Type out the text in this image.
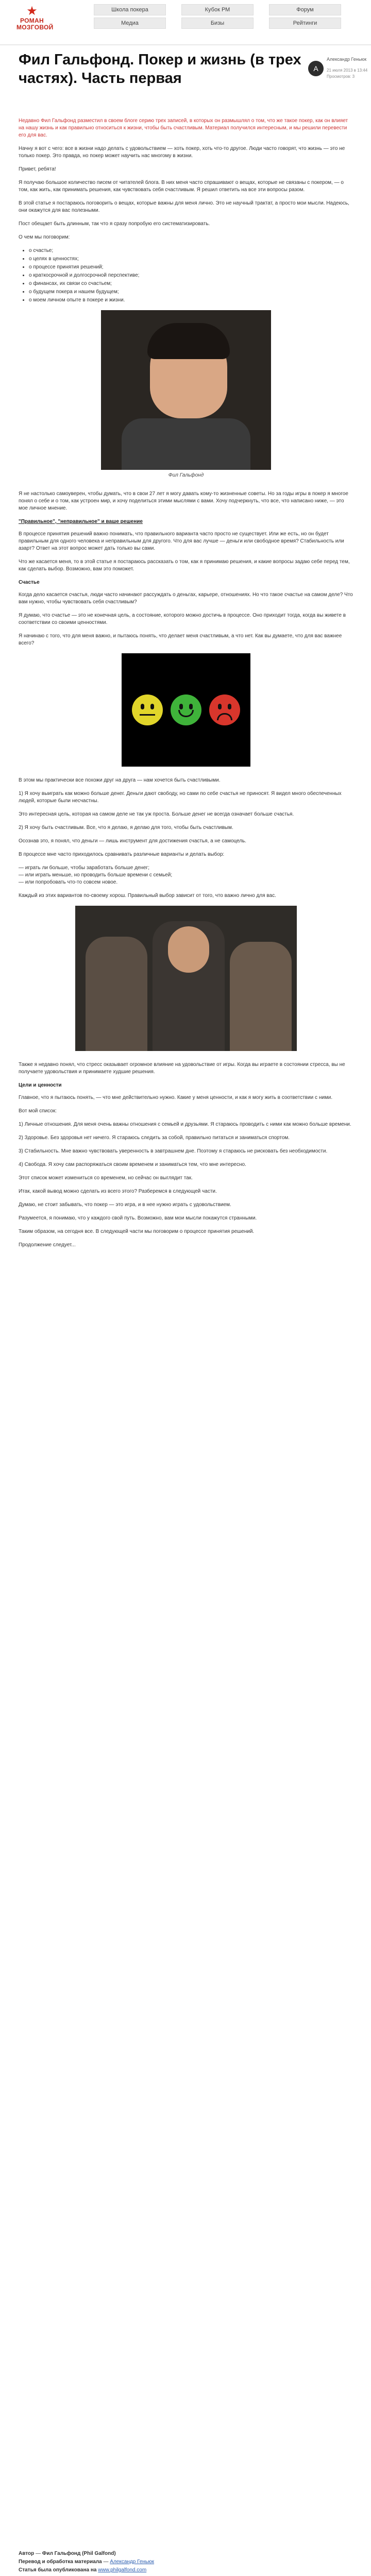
★
РОМАН
МОЗГОВОЙ
Школа покера	Кубок РМ	Форум
Медиа	Бизы	Рейтинги
Фил Гальфонд. Покер и жизнь (в трех частях). Часть первая
А
Александр Геньюк
21 июля 2013 в 13:44
Просмотров: 3

Недавно Фил Гальфонд разместил в своем блоге серию трех записей, в которых он размышлял о том, что же такое покер, как он влияет на нашу жизнь и как правильно относиться к жизни, чтобы быть счастливым. Материал получился интересным, и мы решили перевести его для вас.

Начну я вот с чего: все в жизни надо делать с удовольствием — хоть покер, хоть что-то другое. Люди часто говорят, что жизнь — это не только покер. Это правда, но покер может научить нас многому в жизни.

Привет, ребята!

Я получаю большое количество писем от читателей блога. В них меня часто спрашивают о вещах, которые не связаны с покером, — о том, как жить, как принимать решения, как чувствовать себя счастливым. Я решил ответить на все эти вопросы разом.

В этой статье я постараюсь поговорить о вещах, которые важны для меня лично. Это не научный трактат, а просто мои мысли. Надеюсь, они окажутся для вас полезными.

Пост обещает быть длинным, так что я сразу попробую его систематизировать.

О чем мы поговорим:

• о счастье;
• о целях в ценностях;
• о процессе принятия решений;
• о краткосрочной и долгосрочной перспективе;
• о финансах, их связи со счастьем;
• о будущем покера и нашем будущем;
• о моем личном опыте в покере и жизни.
Фил Гальфонд

Я не настолько самоуверен, чтобы думать, что в свои 27 лет я могу давать кому-то жизненные советы. Но за годы игры в покер я многое понял о себе и о том, как устроен мир, и хочу поделиться этими мыслями с вами. Хочу подчеркнуть, что все, что написано ниже, — это мое личное мнение.

"Правильное", "неправильное" и ваше решение

В процессе принятия решений важно понимать, что правильного варианта часто просто не существует. Или же есть, но он будет правильным для одного человека и неправильным для другого. Что для вас лучше — деньги или свободное время? Стабильность или азарт? Ответ на этот вопрос может дать только вы сами.

Что же касается меня, то в этой статье я постараюсь рассказать о том, как я принимаю решения, и какие вопросы задаю себе перед тем, как сделать выбор. Возможно, вам это поможет.

Счастье

Когда дело касается счастья, люди часто начинают рассуждать о деньгах, карьере, отношениях. Но что такое счастье на самом деле? Что вам нужно, чтобы чувствовать себя счастливым?

Я думаю, что счастье — это не конечная цель, а состояние, которого можно достичь в процессе. Оно приходит тогда, когда вы живете в соответствии со своими ценностями.

Я начинаю с того, что для меня важно, и пытаюсь понять, что делает меня счастливым, а что нет. Как вы думаете, что для вас важнее всего?

В этом мы практически все похожи друг на друга — нам хочется быть счастливыми.

1) Я хочу выиграть как можно больше денег. Деньги дают свободу, но сами по себе счастья не приносят. Я видел много обеспеченных людей, которые были несчастны.

Это интересная цель, которая на самом деле не так уж проста. Больше денег не всегда означает больше счастья.

2) Я хочу быть счастливым. Все, что я делаю, я делаю для того, чтобы быть счастливым.

Осознав это, я понял, что деньги — лишь инструмент для достижения счастья, а не самоцель.

В процессе мне часто приходилось сравнивать различные варианты и делать выбор:

— играть ли больше, чтобы заработать больше денег;
— или играть меньше, но проводить больше времени с семьей;
— или попробовать что-то совсем новое.

Каждый из этих вариантов по-своему хорош. Правильный выбор зависит от того, что важно лично для вас.

Также я недавно понял, что стресс оказывает огромное влияние на удовольствие от игры. Когда вы играете в состоянии стресса, вы не получаете удовольствия и принимаете худшие решения.

Цели и ценности

Главное, что я пытаюсь понять, — что мне действительно нужно. Какие у меня ценности, и как я могу жить в соответствии с ними.

Вот мой список:

1) Личные отношения. Для меня очень важны отношения с семьей и друзьями. Я стараюсь проводить с ними как можно больше времени.

2) Здоровье. Без здоровья нет ничего. Я стараюсь следить за собой, правильно питаться и заниматься спортом.

3) Стабильность. Мне важно чувствовать уверенность в завтрашнем дне. Поэтому я стараюсь не рисковать без необходимости.

4) Свобода. Я хочу сам распоряжаться своим временем и заниматься тем, что мне интересно.

Этот список может измениться со временем, но сейчас он выглядит так.

Итак, какой вывод можно сделать из всего этого? Разберемся в следующей части.

Думаю, не стоит забывать, что покер — это игра, и в нее нужно играть с удовольствием.

Разумеется, я понимаю, что у каждого свой путь. Возможно, вам мои мысли покажутся странными.

Таким образом, на сегодня все. В следующей части мы поговорим о процессе принятия решений.

Продолжение следует...

Автор — Фил Гальфонд (Phil Galfond)
Перевод и обработка материала — Александр Геньюк
Статья была опубликована на www.philgalfond.com
